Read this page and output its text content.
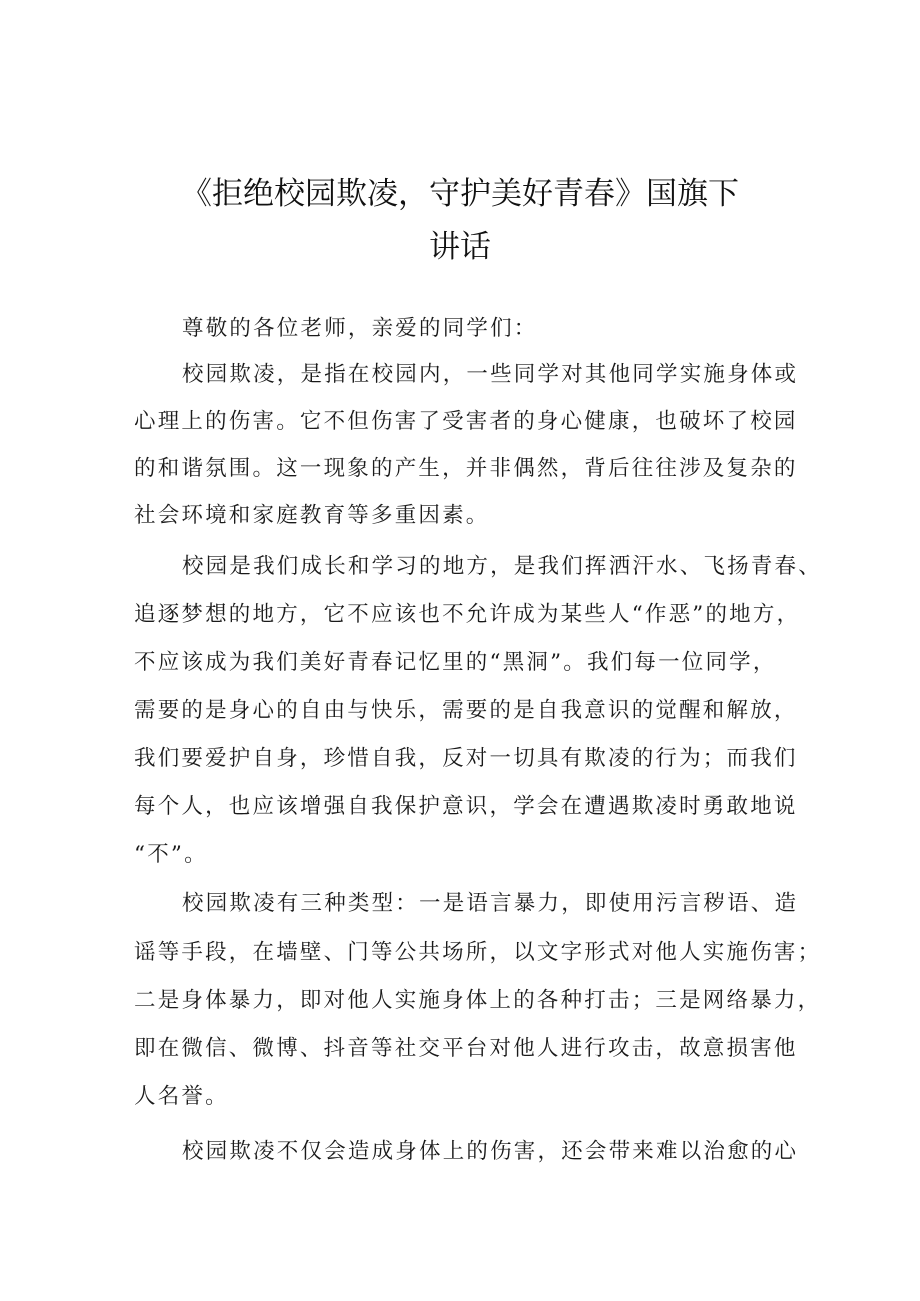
《拒绝校园欺凌，守护美好青春》国旗下
讲话

尊敬的各位老师，亲爱的同学们：

校园欺凌，是指在校园内，一些同学对其他同学实施身体或

心理上的伤害。它不但伤害了受害者的身心健康，也破坏了校园

的和谐氛围。这一现象的产生，并非偶然，背后往往涉及复杂的

社会环境和家庭教育等多重因素。

校园是我们成长和学习的地方，是我们挥洒汗水、飞扬青春、

追逐梦想的地方，它不应该也不允许成为某些人“作恶”的地方，

不应该成为我们美好青春记忆里的“黑洞”。我们每一位同学，

需要的是身心的自由与快乐，需要的是自我意识的觉醒和解放，

我们要爱护自身，珍惜自我，反对一切具有欺凌的行为；而我们

每个人，也应该增强自我保护意识，学会在遭遇欺凌时勇敢地说

“不”。

校园欺凌有三种类型：一是语言暴力，即使用污言秽语、造

谣等手段，在墙壁、门等公共场所，以文字形式对他人实施伤害；

二是身体暴力，即对他人实施身体上的各种打击；三是网络暴力，

即在微信、微博、抖音等社交平台对他人进行攻击，故意损害他

人名誉。

校园欺凌不仅会造成身体上的伤害，还会带来难以治愈的心
